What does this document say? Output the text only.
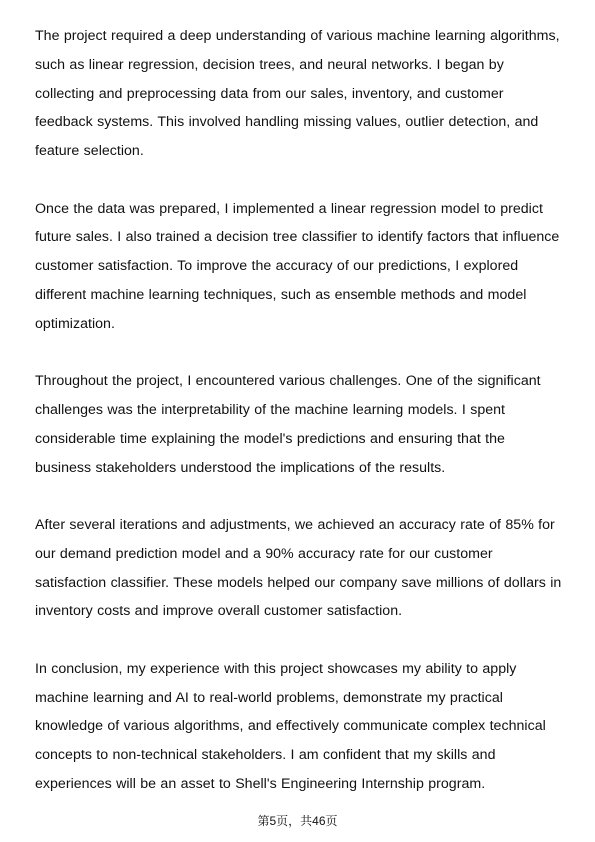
The project required a deep understanding of various machine learning algorithms, such as linear regression, decision trees, and neural networks. I began by collecting and preprocessing data from our sales, inventory, and customer feedback systems. This involved handling missing values, outlier detection, and feature selection.

Once the data was prepared, I implemented a linear regression model to predict future sales. I also trained a decision tree classifier to identify factors that influence customer satisfaction. To improve the accuracy of our predictions, I explored different machine learning techniques, such as ensemble methods and model optimization.

Throughout the project, I encountered various challenges. One of the significant challenges was the interpretability of the machine learning models. I spent considerable time explaining the model's predictions and ensuring that the business stakeholders understood the implications of the results.

After several iterations and adjustments, we achieved an accuracy rate of 85% for our demand prediction model and a 90% accuracy rate for our customer satisfaction classifier. These models helped our company save millions of dollars in inventory costs and improve overall customer satisfaction.

In conclusion, my experience with this project showcases my ability to apply machine learning and AI to real-world problems, demonstrate my practical knowledge of various algorithms, and effectively communicate complex technical concepts to non-technical stakeholders. I am confident that my skills and experiences will be an asset to Shell's Engineering Internship program.

第5页，共46页
